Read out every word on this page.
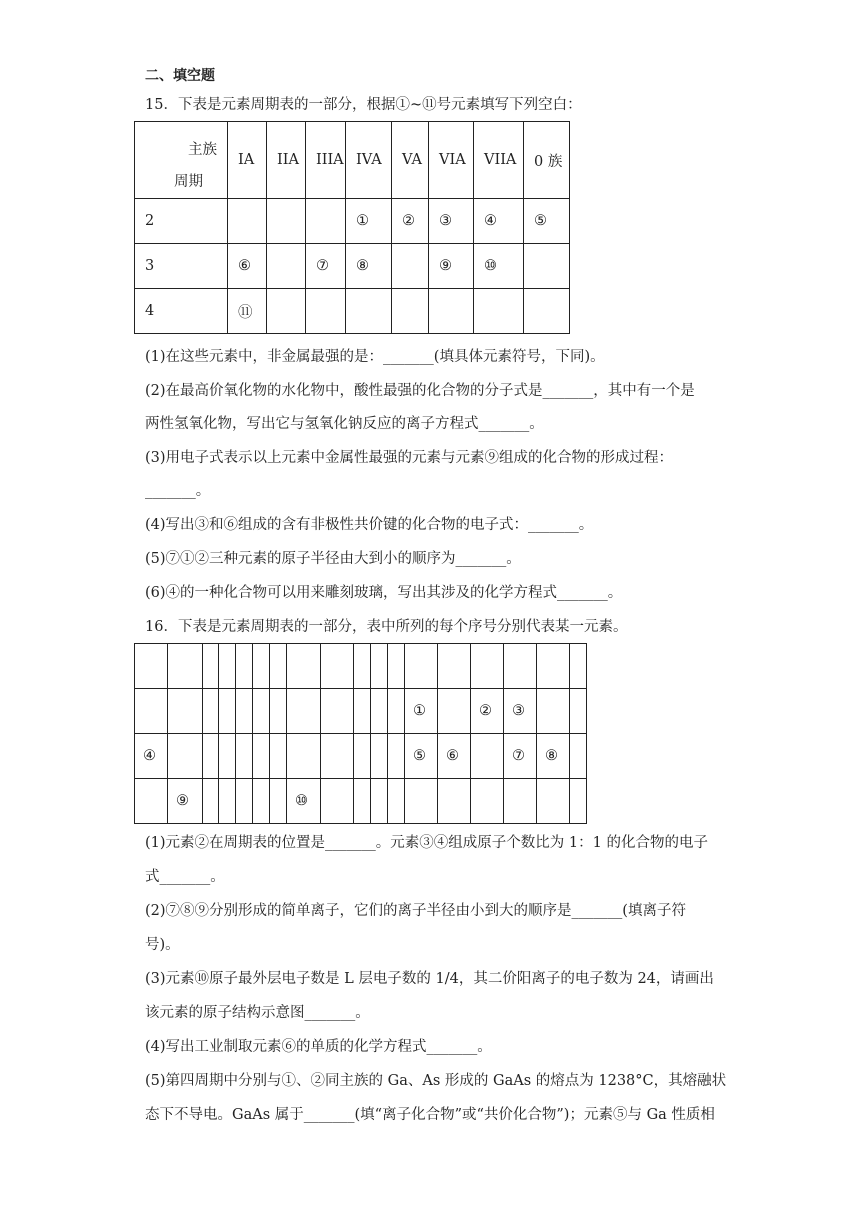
二、填空题
15．下表是元素周期表的一部分，根据①~⑪号元素填写下列空白：
主族
周期	IA	IIA	IIIA	IVA	VA	VIA	VIIA	0 族
2				①	②	③	④	⑤
3	⑥		⑦	⑧		⑨	⑩	
4	⑪							
(1)在这些元素中，非金属最强的是：_______(填具体元素符号，下同)。
(2)在最高价氧化物的水化物中，酸性最强的化合物的分子式是_______，其中有一个是
两性氢氧化物，写出它与氢氧化钠反应的离子方程式_______。
(3)用电子式表示以上元素中金属性最强的元素与元素⑨组成的化合物的形成过程：
_______。
(4)写出③和⑥组成的含有非极性共价键的化合物的电子式：_______。
(5)⑦①②三种元素的原子半径由大到小的顺序为_______。
(6)④的一种化合物可以用来雕刻玻璃，写出其涉及的化学方程式_______。
16．下表是元素周期表的一部分，表中所列的每个序号分别代表某一元素。

												①		②	③		
④												⑤	⑥		⑦	⑧	
	⑨						⑩										
(1)元素②在周期表的位置是_______。元素③④组成原子个数比为 1：1 的化合物的电子
式_______。
(2)⑦⑧⑨分别形成的简单离子，它们的离子半径由小到大的顺序是_______(填离子符
号)。
(3)元素⑩原子最外层电子数是 L 层电子数的 1/4，其二价阳离子的电子数为 24，请画出
该元素的原子结构示意图_______。
(4)写出工业制取元素⑥的单质的化学方程式_______。
(5)第四周期中分别与①、②同主族的 Ga、As 形成的 GaAs 的熔点为 1238°C，其熔融状
态下不导电。GaAs 属于_______(填“离子化合物”或“共价化合物”)；元素⑤与 Ga 性质相
